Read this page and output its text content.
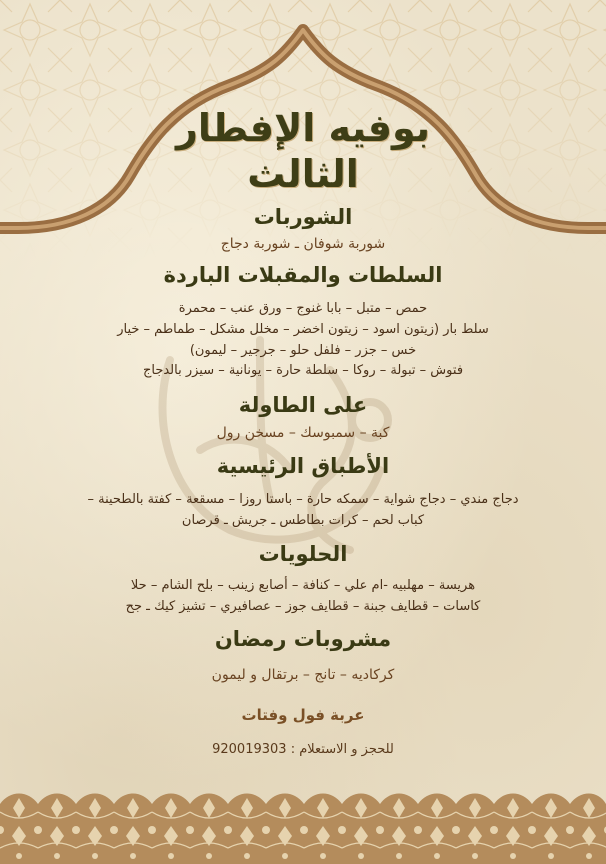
بوفيه الإفطار
الثالث
الشوربات
شوربة شوفان ـ شوربة دجاج
السلطات والمقبلات الباردة
حمص – متبل – بابا غنوج – ورق عنب – محمرة
سلط بار (زيتون اسود – زيتون اخضر – مخلل مشكل – طماطم – خيار
خس – جزر – فلفل حلو – جرجير – ليمون)
فتوش – تبولة – روكا – سلطة حارة – يونانية – سيزر بالدجاج
على الطاولة
كبة – سمبوسك – مسخن رول
الأطباق الرئيسية
دجاج مندي – دجاج شواية – سمكه حارة – باستا روزا – مسقعة – كفتة بالطحينة –
كباب لحم – كرات بطاطس ـ جريش ـ قرصان
الحلويات
هريسة – مهلبيه -ام علي – كنافة – أصابع زينب – بلح الشام – حلا
كاسات – قطايف جبنة – قطايف جوز – عصافيري – تشيز كيك ـ جح
مشروبات رمضان
كركاديه – تانج – برتقال و ليمون
عربة فول وفتات
للحجز و الاستعلام : 920019303
